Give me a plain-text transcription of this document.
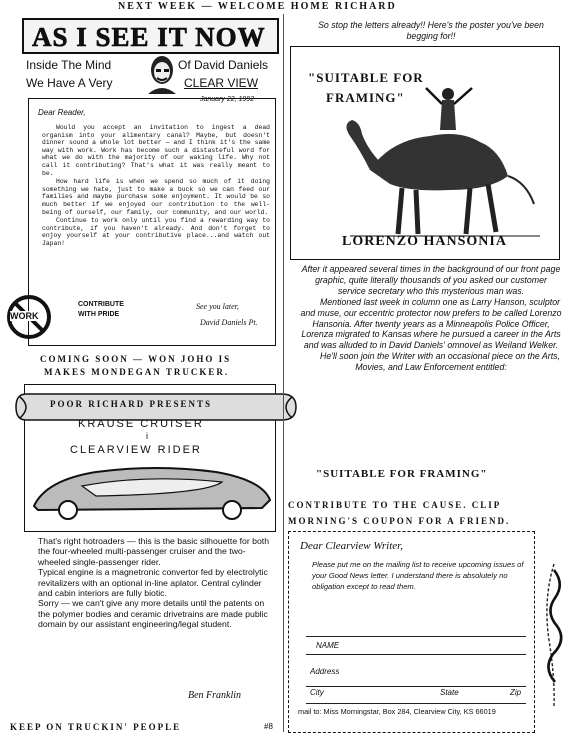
NEXT WEEK — WELCOME HOME RICHARD
AS I SEE IT NOW
Inside The Mind	Of David Daniels
We Have A Very	CLEAR VIEW
January 22, 1992
Dear Reader,

Would you accept an invitation to ingest a dead organism into your alimentary canal? Maybe, but doesn't dinner sound a whole lot better — and I think it's the same way with work. Work has become such a distasteful word for what we do with the majority of our waking life. Why not call it contributing? That's what it was really meant to be.

How hard life is when we spend so much of it doing something we hate, just to make a buck so we can feed our families and maybe purchase some enjoyment. It would be so much better if we enjoyed our contribution to the well-being of ourself, our family, our community, and our world.

Continue to work only until you find a rewarding way to contribute, if you haven't already. And don't forget to enjoy yourself at your contributive place...and watch out Japan!

WORK
CONTRIBUTE
WITH PRIDE
See you later,
David Daniels Pt.
COMING SOON — WON JOHO IS
MAKES MONDEGAN TRUCKER.
POOR RICHARD PRESENTS
KRAUSE CRUISER
i
CLEARVIEW RIDER

That's right hotroaders — this is the basic silhouette for both the four-wheeled multi-passenger cruiser and the two-wheeled single-passenger rider.

Typical engine is a magnetronic convertor fed by electrolytic revitalizers with an optional in-line aplator. Central cylinder and cabin interiors are fully biotic.

Sorry — we can't give any more details until the patents on the polymer bodies and ceramic drivetrains are made public domain by our assistant engineering/legal student.

Ben Franklin
KEEP ON TRUCKIN' PEOPLE	#8
So stop the letters already!! Here's the poster you've been begging for!!
"SUITABLE FOR
FRAMING"
LORENZO HANSONIA

After it appeared several times in the background of our front page graphic, quite literally thousands of you asked our customer service secretary who this mysterious man was.

Mentioned last week in column one as Larry Hanson, sculptor and muse, our eccentric protector now prefers to be called Lorenzo Hansonia. After twenty years as a Minneapolis Police Officer, Lorenza migrated to Kansas where he pursued a career in the Arts and was alluded to in David Daniels' omnovel as Weiland Welker.

He'll soon join the Writer with an occasional piece on the Arts, Movies, and Law Enforcement entitled:

"SUITABLE FOR FRAMING"
CONTRIBUTE TO THE CAUSE. CLIP
MORNING'S COUPON FOR A FRIEND.
Dear Clearview Writer,
Please put me on the mailing list to receive upcoming issues of your Good News letter. I understand there is absolutely no obligation except to read them.
NAME
Address
City	State	Zip
mail to: Miss Morningstar, Box 284, Clearview City, KS 66019
